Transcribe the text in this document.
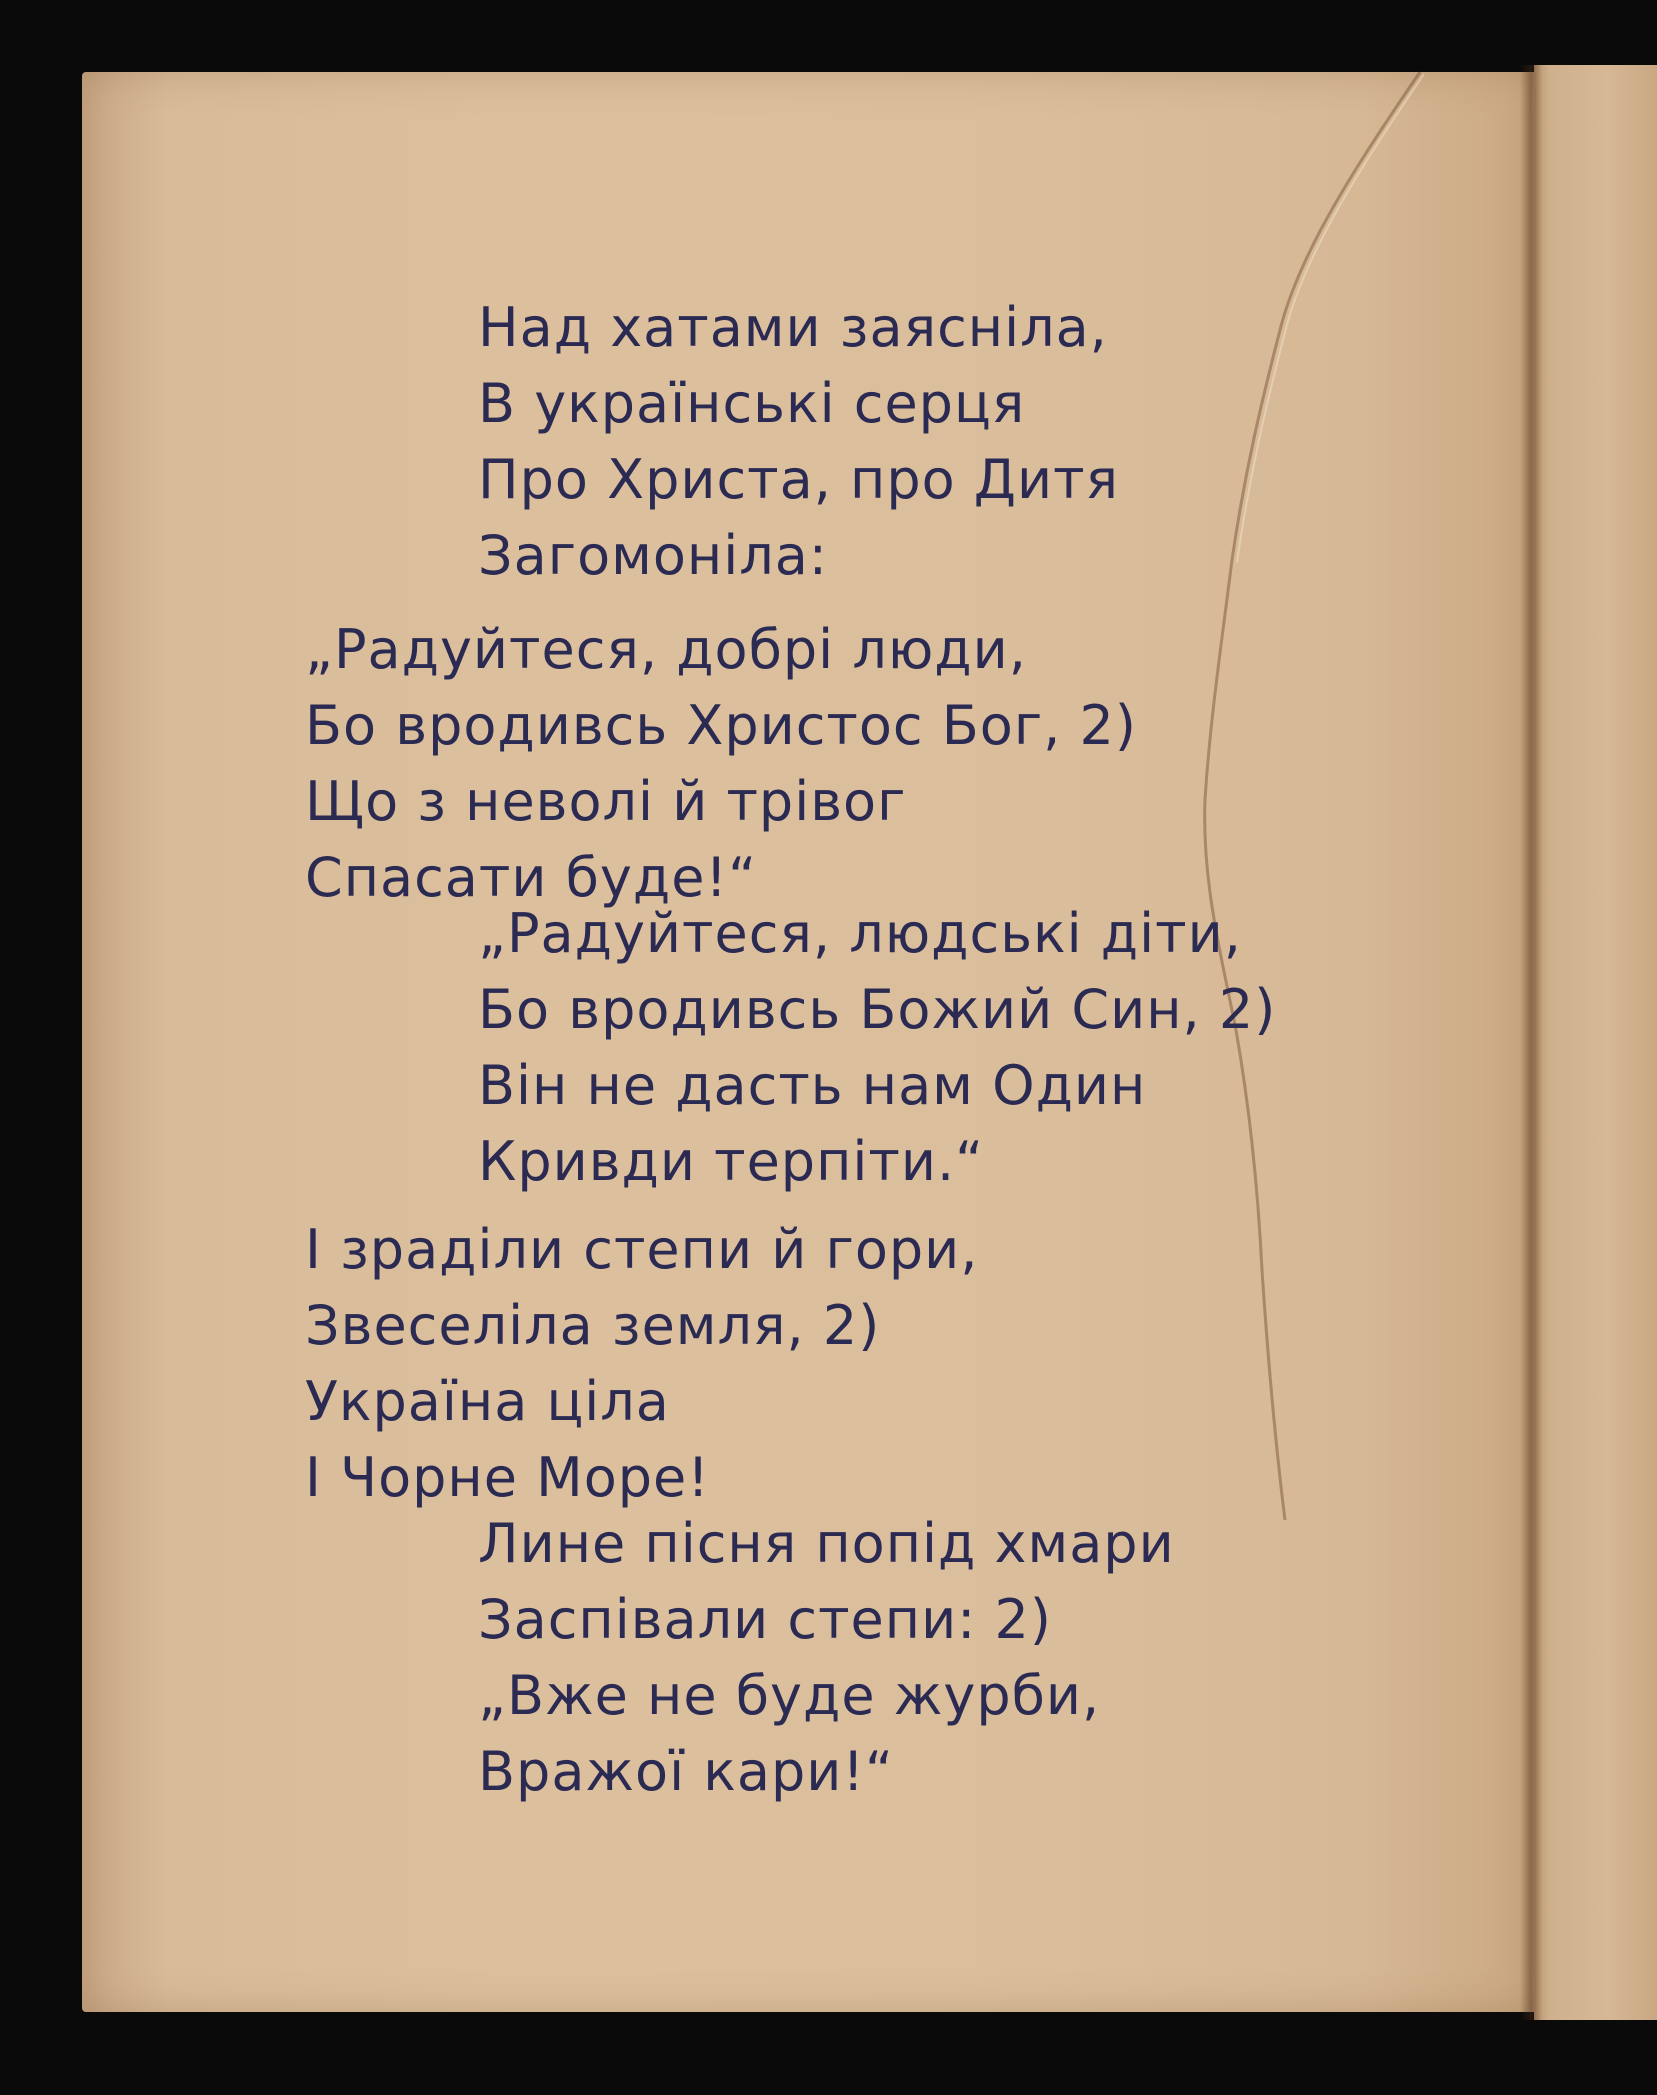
Над хатами заясніла,
В українські серця
Про Христа, про Дитя
Загомоніла:
„Радуйтеся, добрі люди,
Бо вродивсь Христос Бог, 2)
Що з неволі й трівог
Спасати буде!“
„Радуйтеся, людські діти,
Бо вродивсь Божий Син, 2)
Він не дасть нам Один
Кривди терпіти.“
І зраділи степи й гори,
Звеселіла земля, 2)
Україна ціла
І Чорне Море!
Лине пісня попід хмари
Заспівали степи: 2)
„Вже не буде журби,
Вражої кари!“
